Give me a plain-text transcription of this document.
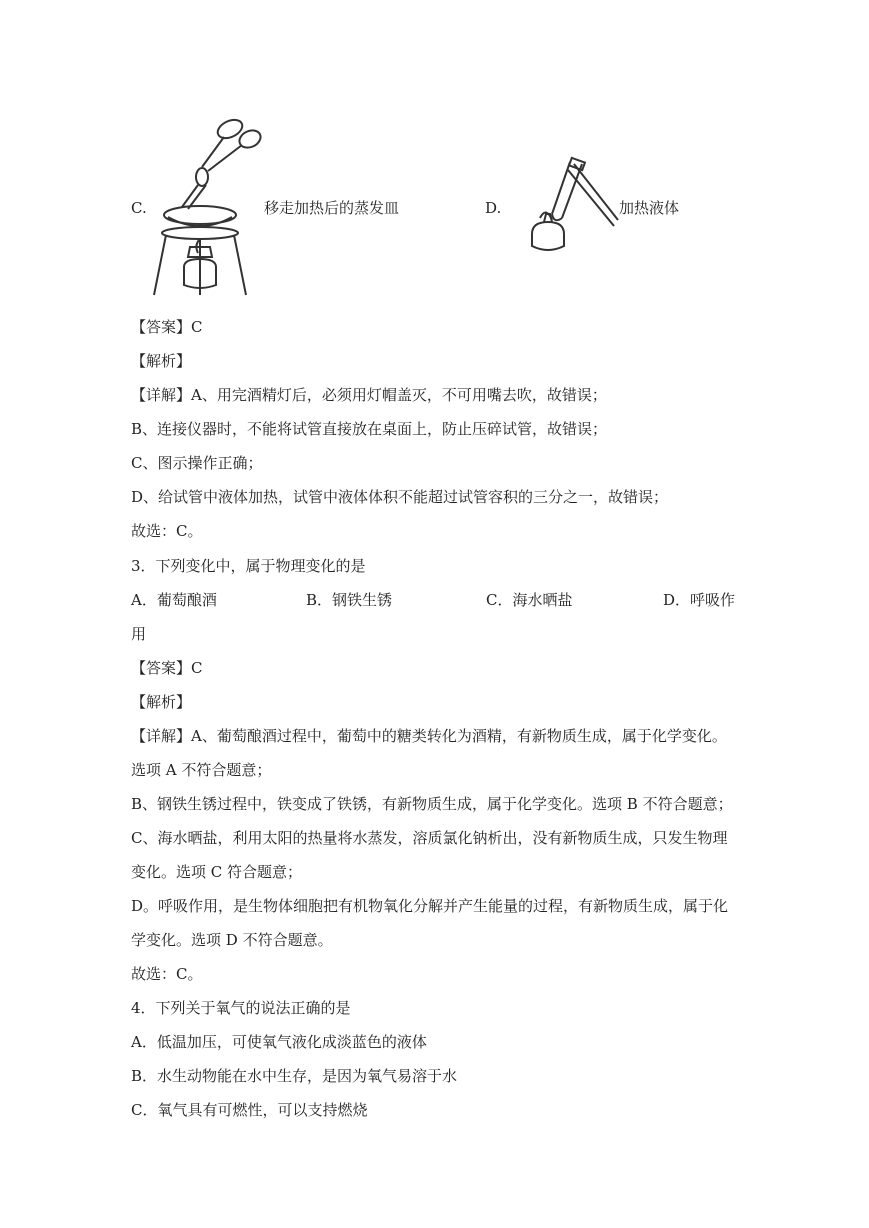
C.	移走加热后的蒸发皿	D.	加热液体
【答案】C
【解析】
【详解】A、用完酒精灯后，必须用灯帽盖灭，不可用嘴去吹，故错误；
B、连接仪器时，不能将试管直接放在桌面上，防止压碎试管，故错误；
C、图示操作正确；
D、给试管中液体加热，试管中液体体积不能超过试管容积的三分之一，故错误；
故选：C。
3．下列变化中，属于物理变化的是
A．葡萄酿酒	B．钢铁生锈	C．海水晒盐	D．呼吸作
用
【答案】C
【解析】
【详解】A、葡萄酿酒过程中，葡萄中的糖类转化为酒精，有新物质生成，属于化学变化。
选项 A 不符合题意；
B、钢铁生锈过程中，铁变成了铁锈，有新物质生成，属于化学变化。选项 B 不符合题意；
C、海水晒盐，利用太阳的热量将水蒸发，溶质氯化钠析出，没有新物质生成，只发生物理
变化。选项 C 符合题意；
D。呼吸作用，是生物体细胞把有机物氧化分解并产生能量的过程，有新物质生成，属于化
学变化。选项 D 不符合题意。
故选：C。
4．下列关于氧气的说法正确的是
A．低温加压，可使氧气液化成淡蓝色的液体
B．水生动物能在水中生存，是因为氧气易溶于水
C．氧气具有可燃性，可以支持燃烧
